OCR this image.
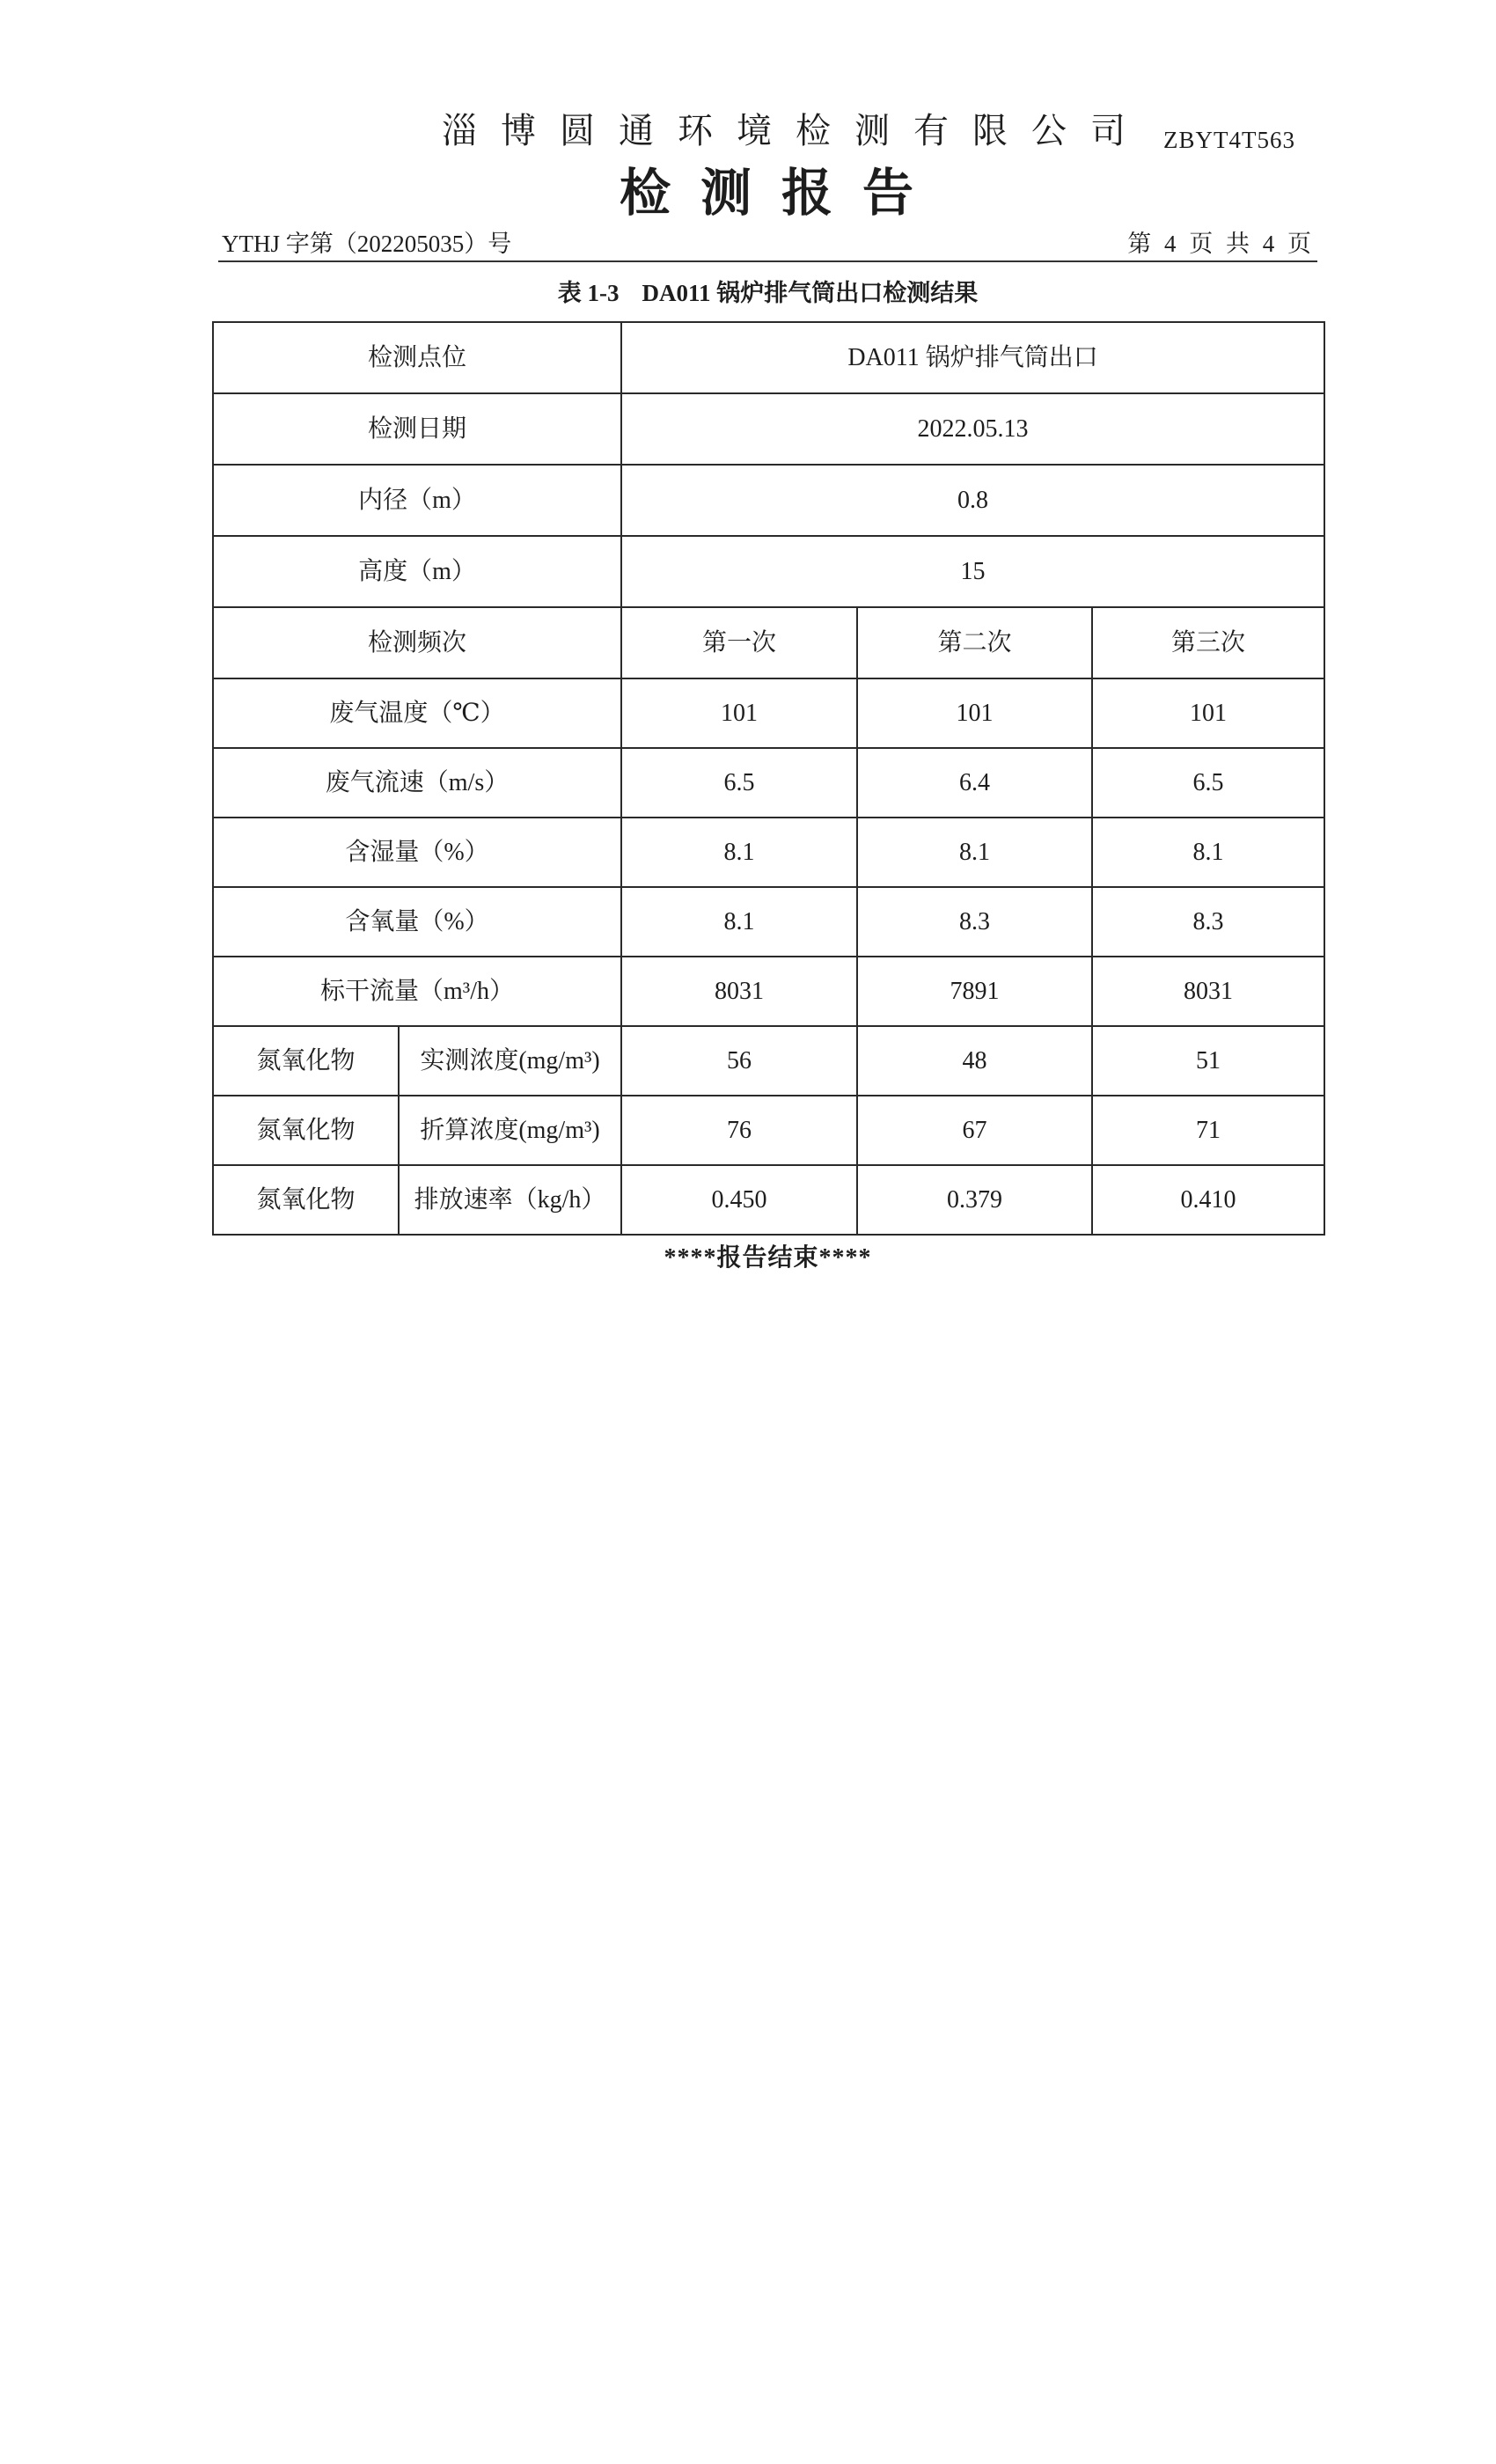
淄博圆通环境检测有限公司 ZBYT4T563
检测报告
YTHJ 字第（202205035）号	第 4 页 共 4 页
表 1-3 DA011 锅炉排气筒出口检测结果
检测点位		DA011 锅炉排气筒出口		
检测日期		2022.05.13		
内径（m）		0.8		
高度（m）		15		
检测频次		第一次	第二次	第三次
废气温度（℃）		101	101	101
废气流速（m/s）		6.5	6.4	6.5
含湿量（%）		8.1	8.1	8.1
含氧量（%）		8.1	8.3	8.3
标干流量（m³/h）		8031	7891	8031
氮氧化物	实测浓度(mg/m³)	56	48	51
氮氧化物	折算浓度(mg/m³)	76	67	71
氮氧化物	排放速率（kg/h）	0.450	0.379	0.410
****报告结束****
